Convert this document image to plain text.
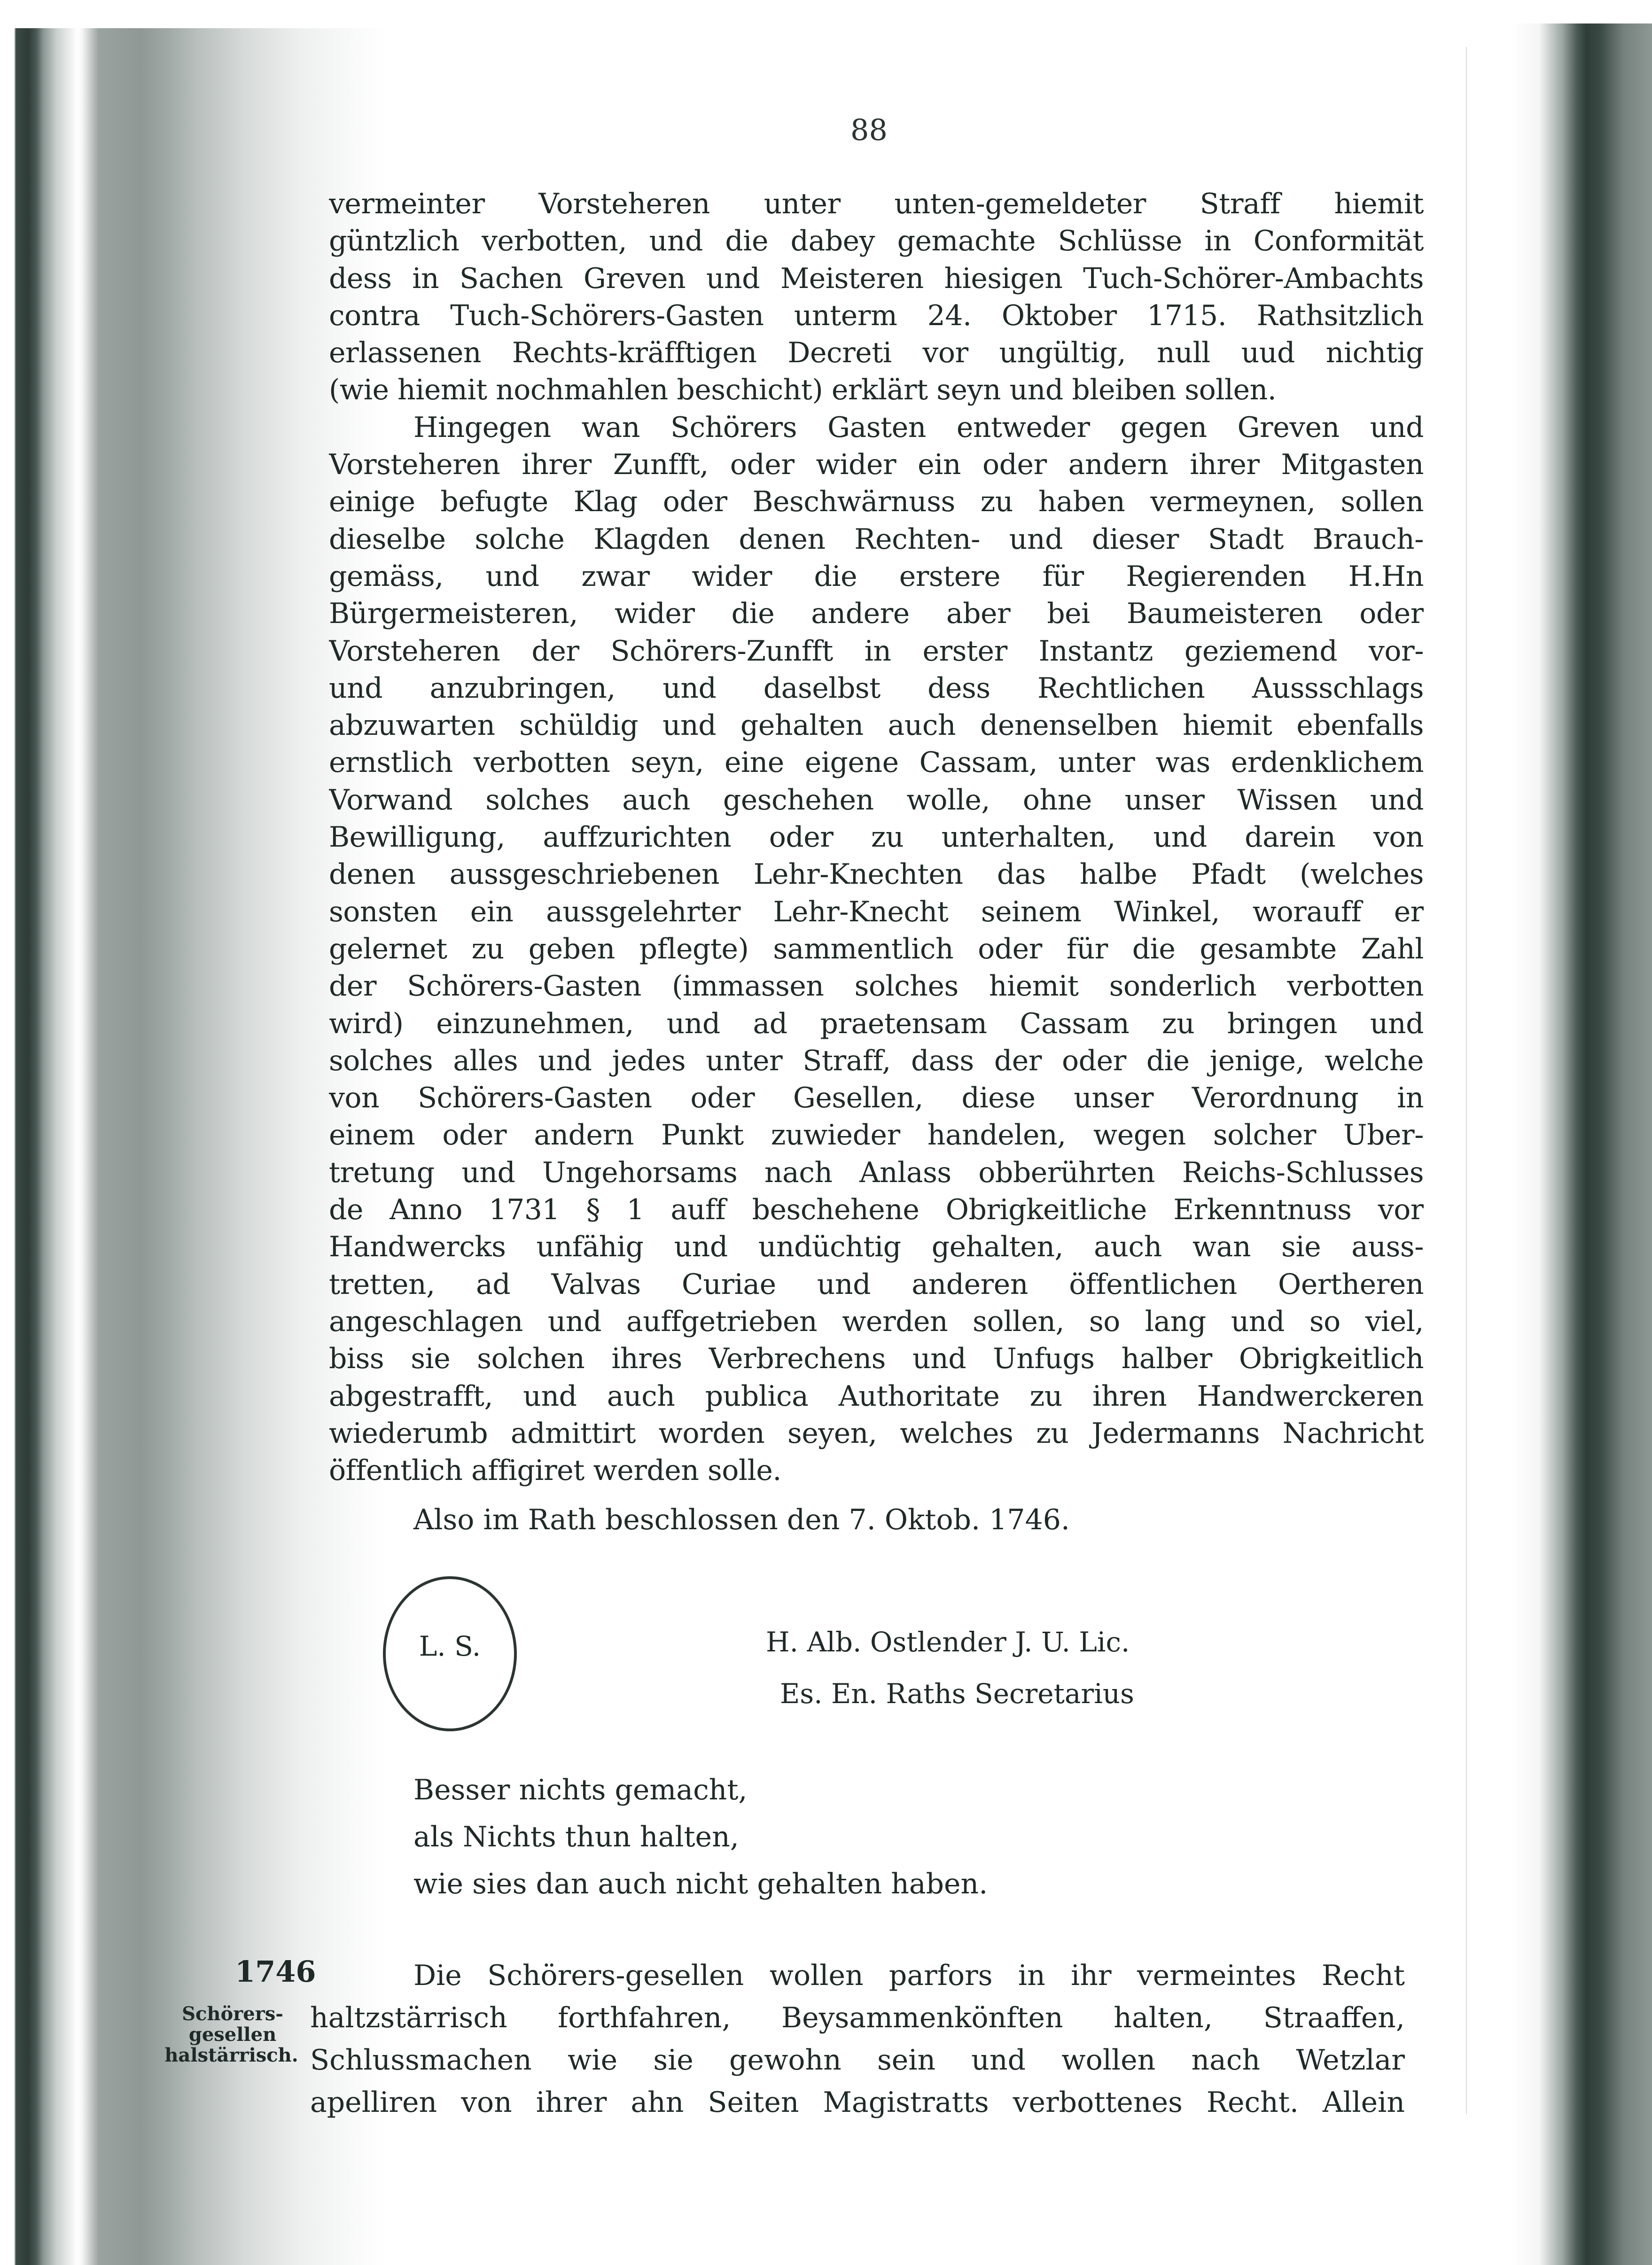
88
vermeinter Vorsteheren unter unten-gemeldeter Straff hiemit
güntzlich verbotten, und die dabey gemachte Schlüsse in Conformität
dess in Sachen Greven und Meisteren hiesigen Tuch-Schörer-Ambachts
contra Tuch-Schörers-Gasten unterm 24. Oktober 1715. Rathsitzlich
erlassenen Rechts-kräfftigen Decreti vor ungültig, null uud nichtig
(wie hiemit nochmahlen beschicht) erklärt seyn und bleiben sollen.
Hingegen wan Schörers Gasten entweder gegen Greven und
Vorsteheren ihrer Zunfft, oder wider ein oder andern ihrer Mitgasten
einige befugte Klag oder Beschwärnuss zu haben vermeynen, sollen
dieselbe solche Klagden denen Rechten- und dieser Stadt Brauch-
gemäss, und zwar wider die erstere für Regierenden H.Hn
Bürgermeisteren, wider die andere aber bei Baumeisteren oder
Vorsteheren der Schörers-Zunfft in erster Instantz geziemend vor-
und anzubringen, und daselbst dess Rechtlichen Aussschlags
abzuwarten schüldig und gehalten auch denenselben hiemit ebenfalls
ernstlich verbotten seyn, eine eigene Cassam, unter was erdenklichem
Vorwand solches auch geschehen wolle, ohne unser Wissen und
Bewilligung, auffzurichten oder zu unterhalten, und darein von
denen aussgeschriebenen Lehr-Knechten das halbe Pfadt (welches
sonsten ein aussgelehrter Lehr-Knecht seinem Winkel, worauff er
gelernet zu geben pflegte) sammentlich oder für die gesambte Zahl
der Schörers-Gasten (immassen solches hiemit sonderlich verbotten
wird) einzunehmen, und ad praetensam Cassam zu bringen und
solches alles und jedes unter Straff, dass der oder die jenige, welche
von Schörers-Gasten oder Gesellen, diese unser Verordnung in
einem oder andern Punkt zuwieder handelen, wegen solcher Uber-
tretung und Ungehorsams nach Anlass obberührten Reichs-Schlusses
de Anno 1731 § 1 auff beschehene Obrigkeitliche Erkenntnuss vor
Handwercks unfähig und undüchtig gehalten, auch wan sie auss-
tretten, ad Valvas Curiae und anderen öffentlichen Oertheren
angeschlagen und auffgetrieben werden sollen, so lang und so viel,
biss sie solchen ihres Verbrechens und Unfugs halber Obrigkeitlich
abgestrafft, und auch publica Authoritate zu ihren Handwerckeren
wiederumb admittirt worden seyen, welches zu Jedermanns Nachricht
öffentlich affigiret werden solle.
Also im Rath beschlossen den 7. Oktob. 1746.
L. S.	H. Alb. Ostlender J. U. Lic.
Es. En. Raths Secretarius
Besser nichts gemacht,
als Nichts thun halten,
wie sies dan auch nicht gehalten haben.
1746
Schörers-
gesellen
halstärrisch.
Die Schörers-gesellen wollen parfors in ihr vermeintes Recht
haltzstärrisch forthfahren, Beysammenkönften halten, Straaffen,
Schlussmachen wie sie gewohn sein und wollen nach Wetzlar
apelliren von ihrer ahn Seiten Magistratts verbottenes Recht. Allein
